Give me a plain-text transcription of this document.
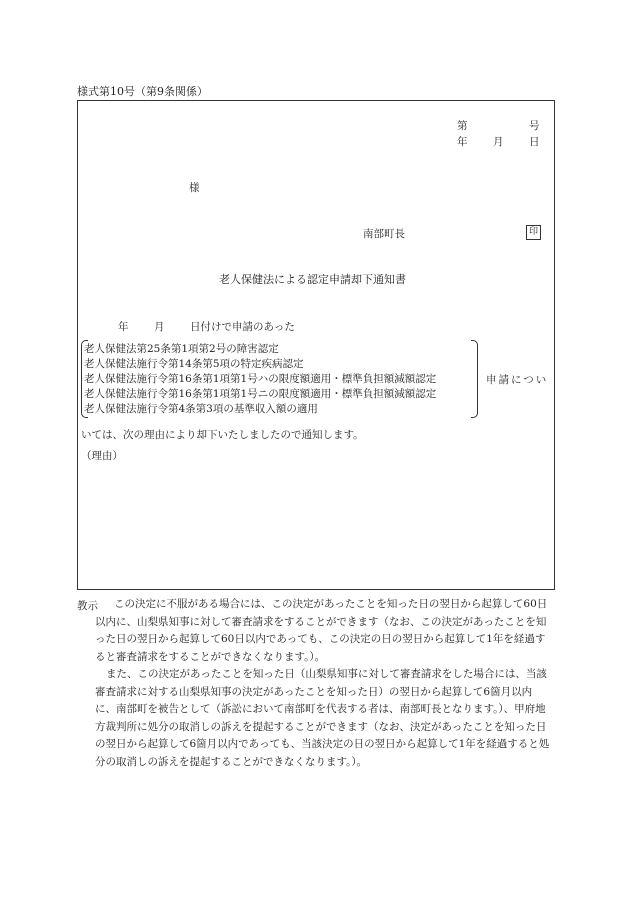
様式第10号（第9条関係）
第	号
年 月 日
様
南部町長	印
老人保健法による認定申請却下通知書
年 月 日付けで申請のあった
老人保健法第25条第1項第2号の障害認定
老人保健法施行令第14条第5項の特定疾病認定
老人保健法施行令第16条第1項第1号ハの限度額適用・標準負担額減額認定
老人保健法施行令第16条第1項第1号ニの限度額適用・標準負担額減額認定
老人保健法施行令第4条第3項の基準収入額の適用
申請につい
いては、次の理由により却下いたしましたので通知します。
（理由）
教示	この決定に不服がある場合には、この決定があったことを知った日の翌日から起算して60日以内に、山梨県知事に対して審査請求をすることができます（なお、この決定があったことを知った日の翌日から起算して60日以内であっても、この決定の日の翌日から起算して1年を経過すると審査請求をすることができなくなります。）。
また、この決定があったことを知った日（山梨県知事に対して審査請求をした場合には、当該審査請求に対する山梨県知事の決定があったことを知った日）の翌日から起算して6箇月以内に、南部町を被告として（訴訟において南部町を代表する者は、南部町長となります。）、甲府地方裁判所に処分の取消しの訴えを提起することができます（なお、決定があったことを知った日の翌日から起算して6箇月以内であっても、当該決定の日の翌日から起算して1年を経過すると処分の取消しの訴えを提起することができなくなります。）。
